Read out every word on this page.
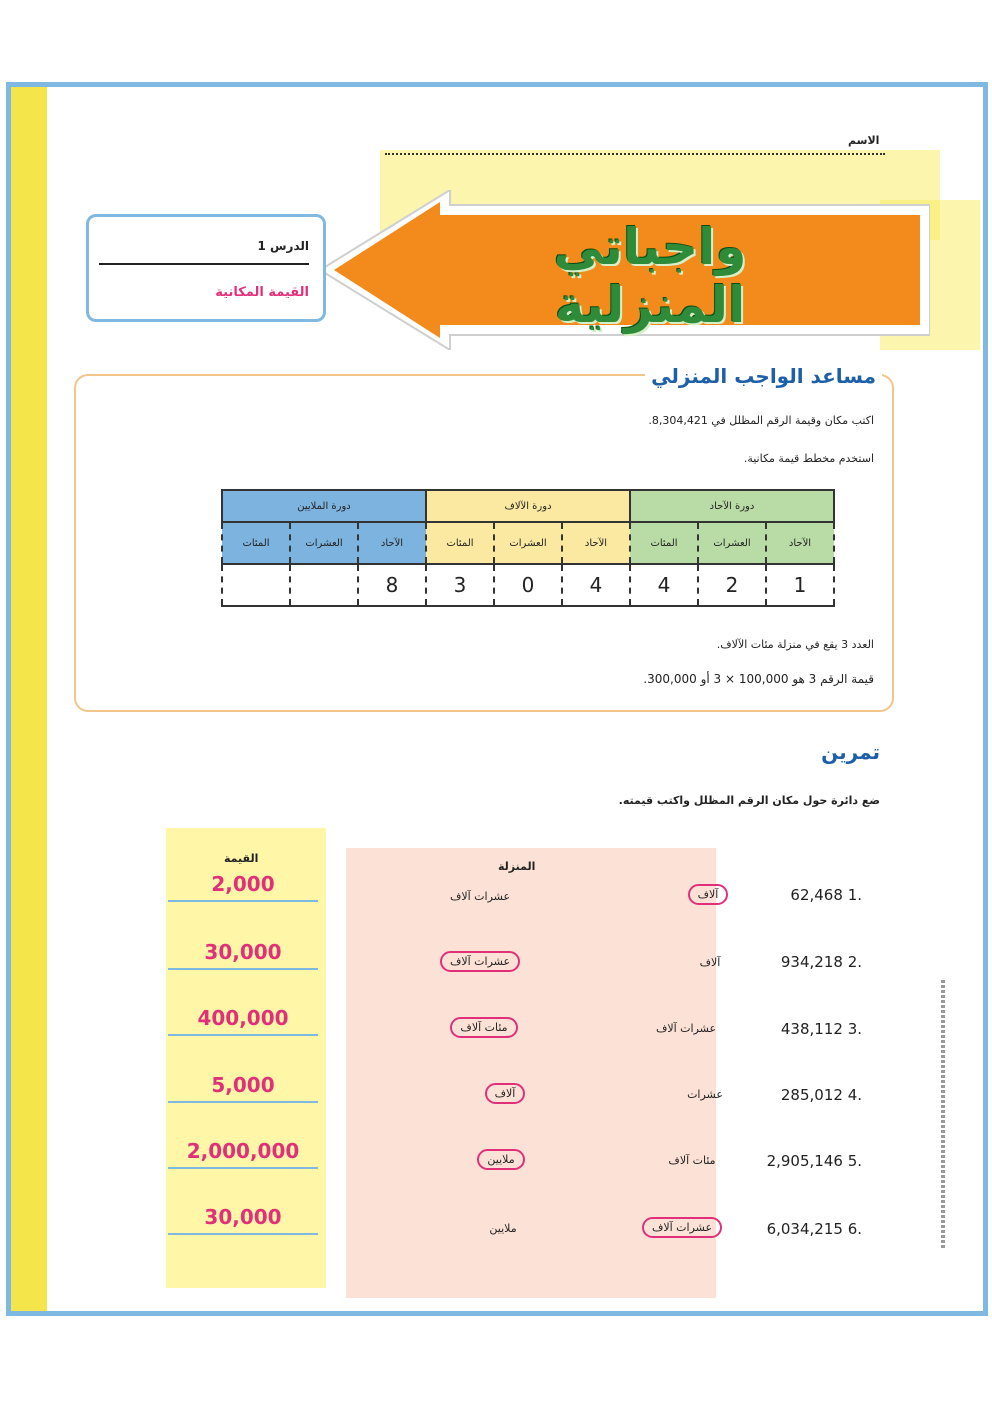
الاسم
واجباتي المنزلية
الدرس 1
القيمة المكانية
مساعد الواجب المنزلي
اكتب مكان وقيمة الرقم المظلل في 8,304,421.
استخدم مخطط قيمة مكانية.
دورة الملايين			دورة الآلاف			دورة الآحاد		
المئات	العشرات	الآحاد	المئات	العشرات	الآحاد	المئات	العشرات	الآحاد
		8	3	0	4	4	2	1
العدد 3 يقع في منزلة مئات الآلاف.
قيمة الرقم 3 هو 100,000 × 3 أو 300,000.
تمرين
ضع دائرة حول مكان الرقم المظلل واكتب قيمته.
المنزلة
القيمة
62,468 1.
آلاف
عشرات آلاف
2,000
934,218 2.
آلاف
عشرات آلاف
30,000
438,112 3.
عشرات آلاف
مئات آلاف
400,000
285,012 4.
عشرات
آلاف
5,000
2,905,146 5.
مئات آلاف
ملايين
2,000,000
6,034,215 6.
عشرات آلاف
ملايين
30,000
